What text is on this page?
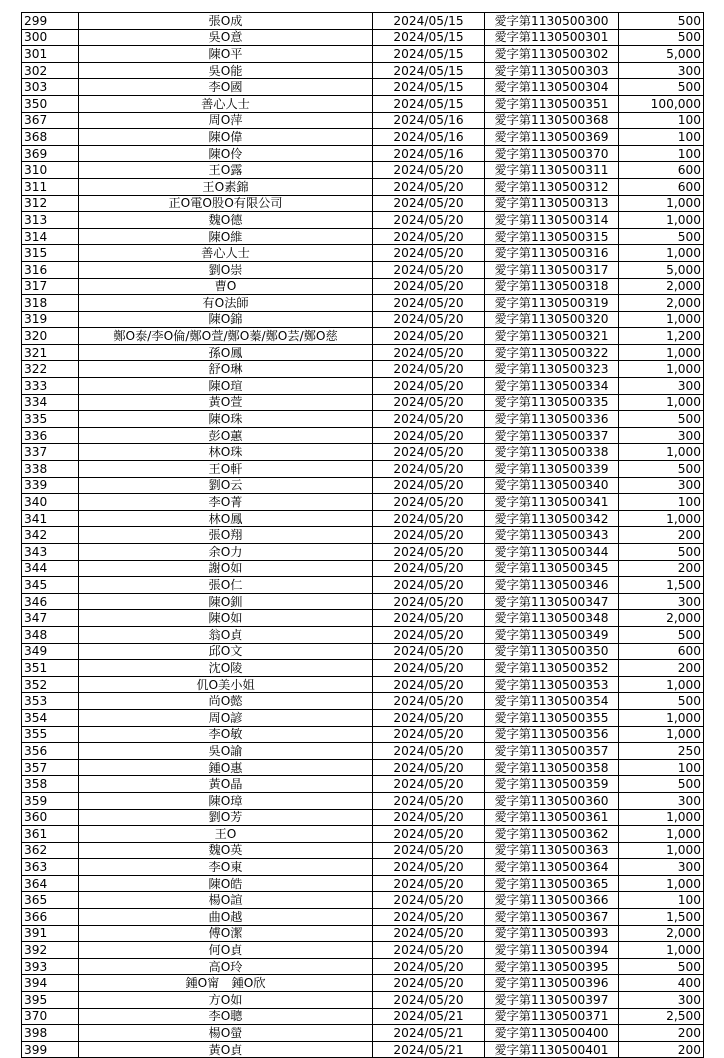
299	張O成	2024/05/15	愛字第1130500300	500
300	吳O意	2024/05/15	愛字第1130500301	500
301	陳O平	2024/05/15	愛字第1130500302	5,000
302	吳O能	2024/05/15	愛字第1130500303	300
303	李O國	2024/05/15	愛字第1130500304	500
350	善心人士	2024/05/15	愛字第1130500351	100,000
367	周O萍	2024/05/16	愛字第1130500368	100
368	陳O偉	2024/05/16	愛字第1130500369	100
369	陳O伶	2024/05/16	愛字第1130500370	100
310	王O露	2024/05/20	愛字第1130500311	600
311	王O素錦	2024/05/20	愛字第1130500312	600
312	正O電O股O有限公司	2024/05/20	愛字第1130500313	1,000
313	魏O德	2024/05/20	愛字第1130500314	1,000
314	陳O維	2024/05/20	愛字第1130500315	500
315	善心人士	2024/05/20	愛字第1130500316	1,000
316	劉O崇	2024/05/20	愛字第1130500317	5,000
317	曹O	2024/05/20	愛字第1130500318	2,000
318	有O法師	2024/05/20	愛字第1130500319	2,000
319	陳O錦	2024/05/20	愛字第1130500320	1,000
320	鄭O泰/李O倫/鄭O萱/鄭O蓁/鄭O芸/鄭O慈	2024/05/20	愛字第1130500321	1,200
321	孫O鳳	2024/05/20	愛字第1130500322	1,000
322	舒O琳	2024/05/20	愛字第1130500323	1,000
333	陳O瑄	2024/05/20	愛字第1130500334	300
334	黃O萱	2024/05/20	愛字第1130500335	1,000
335	陳O珠	2024/05/20	愛字第1130500336	500
336	彭O蕙	2024/05/20	愛字第1130500337	300
337	林O珠	2024/05/20	愛字第1130500338	1,000
338	王O軒	2024/05/20	愛字第1130500339	500
339	劉O云	2024/05/20	愛字第1130500340	300
340	李O菁	2024/05/20	愛字第1130500341	100
341	林O鳳	2024/05/20	愛字第1130500342	1,000
342	張O翔	2024/05/20	愛字第1130500343	200
343	余O力	2024/05/20	愛字第1130500344	500
344	謝O如	2024/05/20	愛字第1130500345	200
345	張O仁	2024/05/20	愛字第1130500346	1,500
346	陳O釧	2024/05/20	愛字第1130500347	300
347	陳O如	2024/05/20	愛字第1130500348	2,000
348	翁O貞	2024/05/20	愛字第1130500349	500
349	邱O文	2024/05/20	愛字第1130500350	600
351	沈O陵	2024/05/20	愛字第1130500352	200
352	仉O美小姐	2024/05/20	愛字第1130500353	1,000
353	尚O懿	2024/05/20	愛字第1130500354	500
354	周O諺	2024/05/20	愛字第1130500355	1,000
355	李O敏	2024/05/20	愛字第1130500356	1,000
356	吳O諭	2024/05/20	愛字第1130500357	250
357	鍾O惠	2024/05/20	愛字第1130500358	100
358	黃O晶	2024/05/20	愛字第1130500359	500
359	陳O璋	2024/05/20	愛字第1130500360	300
360	劉O芳	2024/05/20	愛字第1130500361	1,000
361	王O	2024/05/20	愛字第1130500362	1,000
362	魏O英	2024/05/20	愛字第1130500363	1,000
363	李O東	2024/05/20	愛字第1130500364	300
364	陳O皓	2024/05/20	愛字第1130500365	1,000
365	楊O諠	2024/05/20	愛字第1130500366	100
366	曲O越	2024/05/20	愛字第1130500367	1,500
391	傅O潔	2024/05/20	愛字第1130500393	2,000
392	何O貞	2024/05/20	愛字第1130500394	1,000
393	高O玲	2024/05/20	愛字第1130500395	500
394	鍾O甯　鍾O欣	2024/05/20	愛字第1130500396	400
395	方O如	2024/05/20	愛字第1130500397	300
370	李O聰	2024/05/21	愛字第1130500371	2,500
398	楊O螢	2024/05/21	愛字第1130500400	200
399	黃O貞	2024/05/21	愛字第1130500401	200
